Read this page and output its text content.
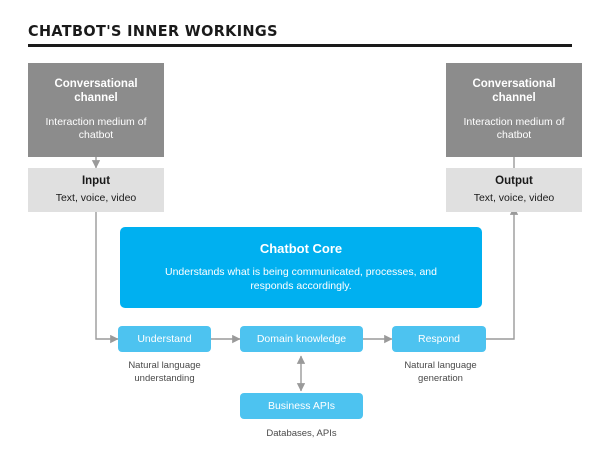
CHATBOT'S INNER WORKINGS
Conversational channel
Interaction medium of chatbot
Conversational channel
Interaction medium of chatbot
Input
Text, voice, video
Output
Text, voice, video
Chatbot Core
Understands what is being communicated, processes, and responds accordingly.
Understand	Domain knowledge	Respond
Business APIs
Natural language understanding
Natural language generation
Databases, APIs
